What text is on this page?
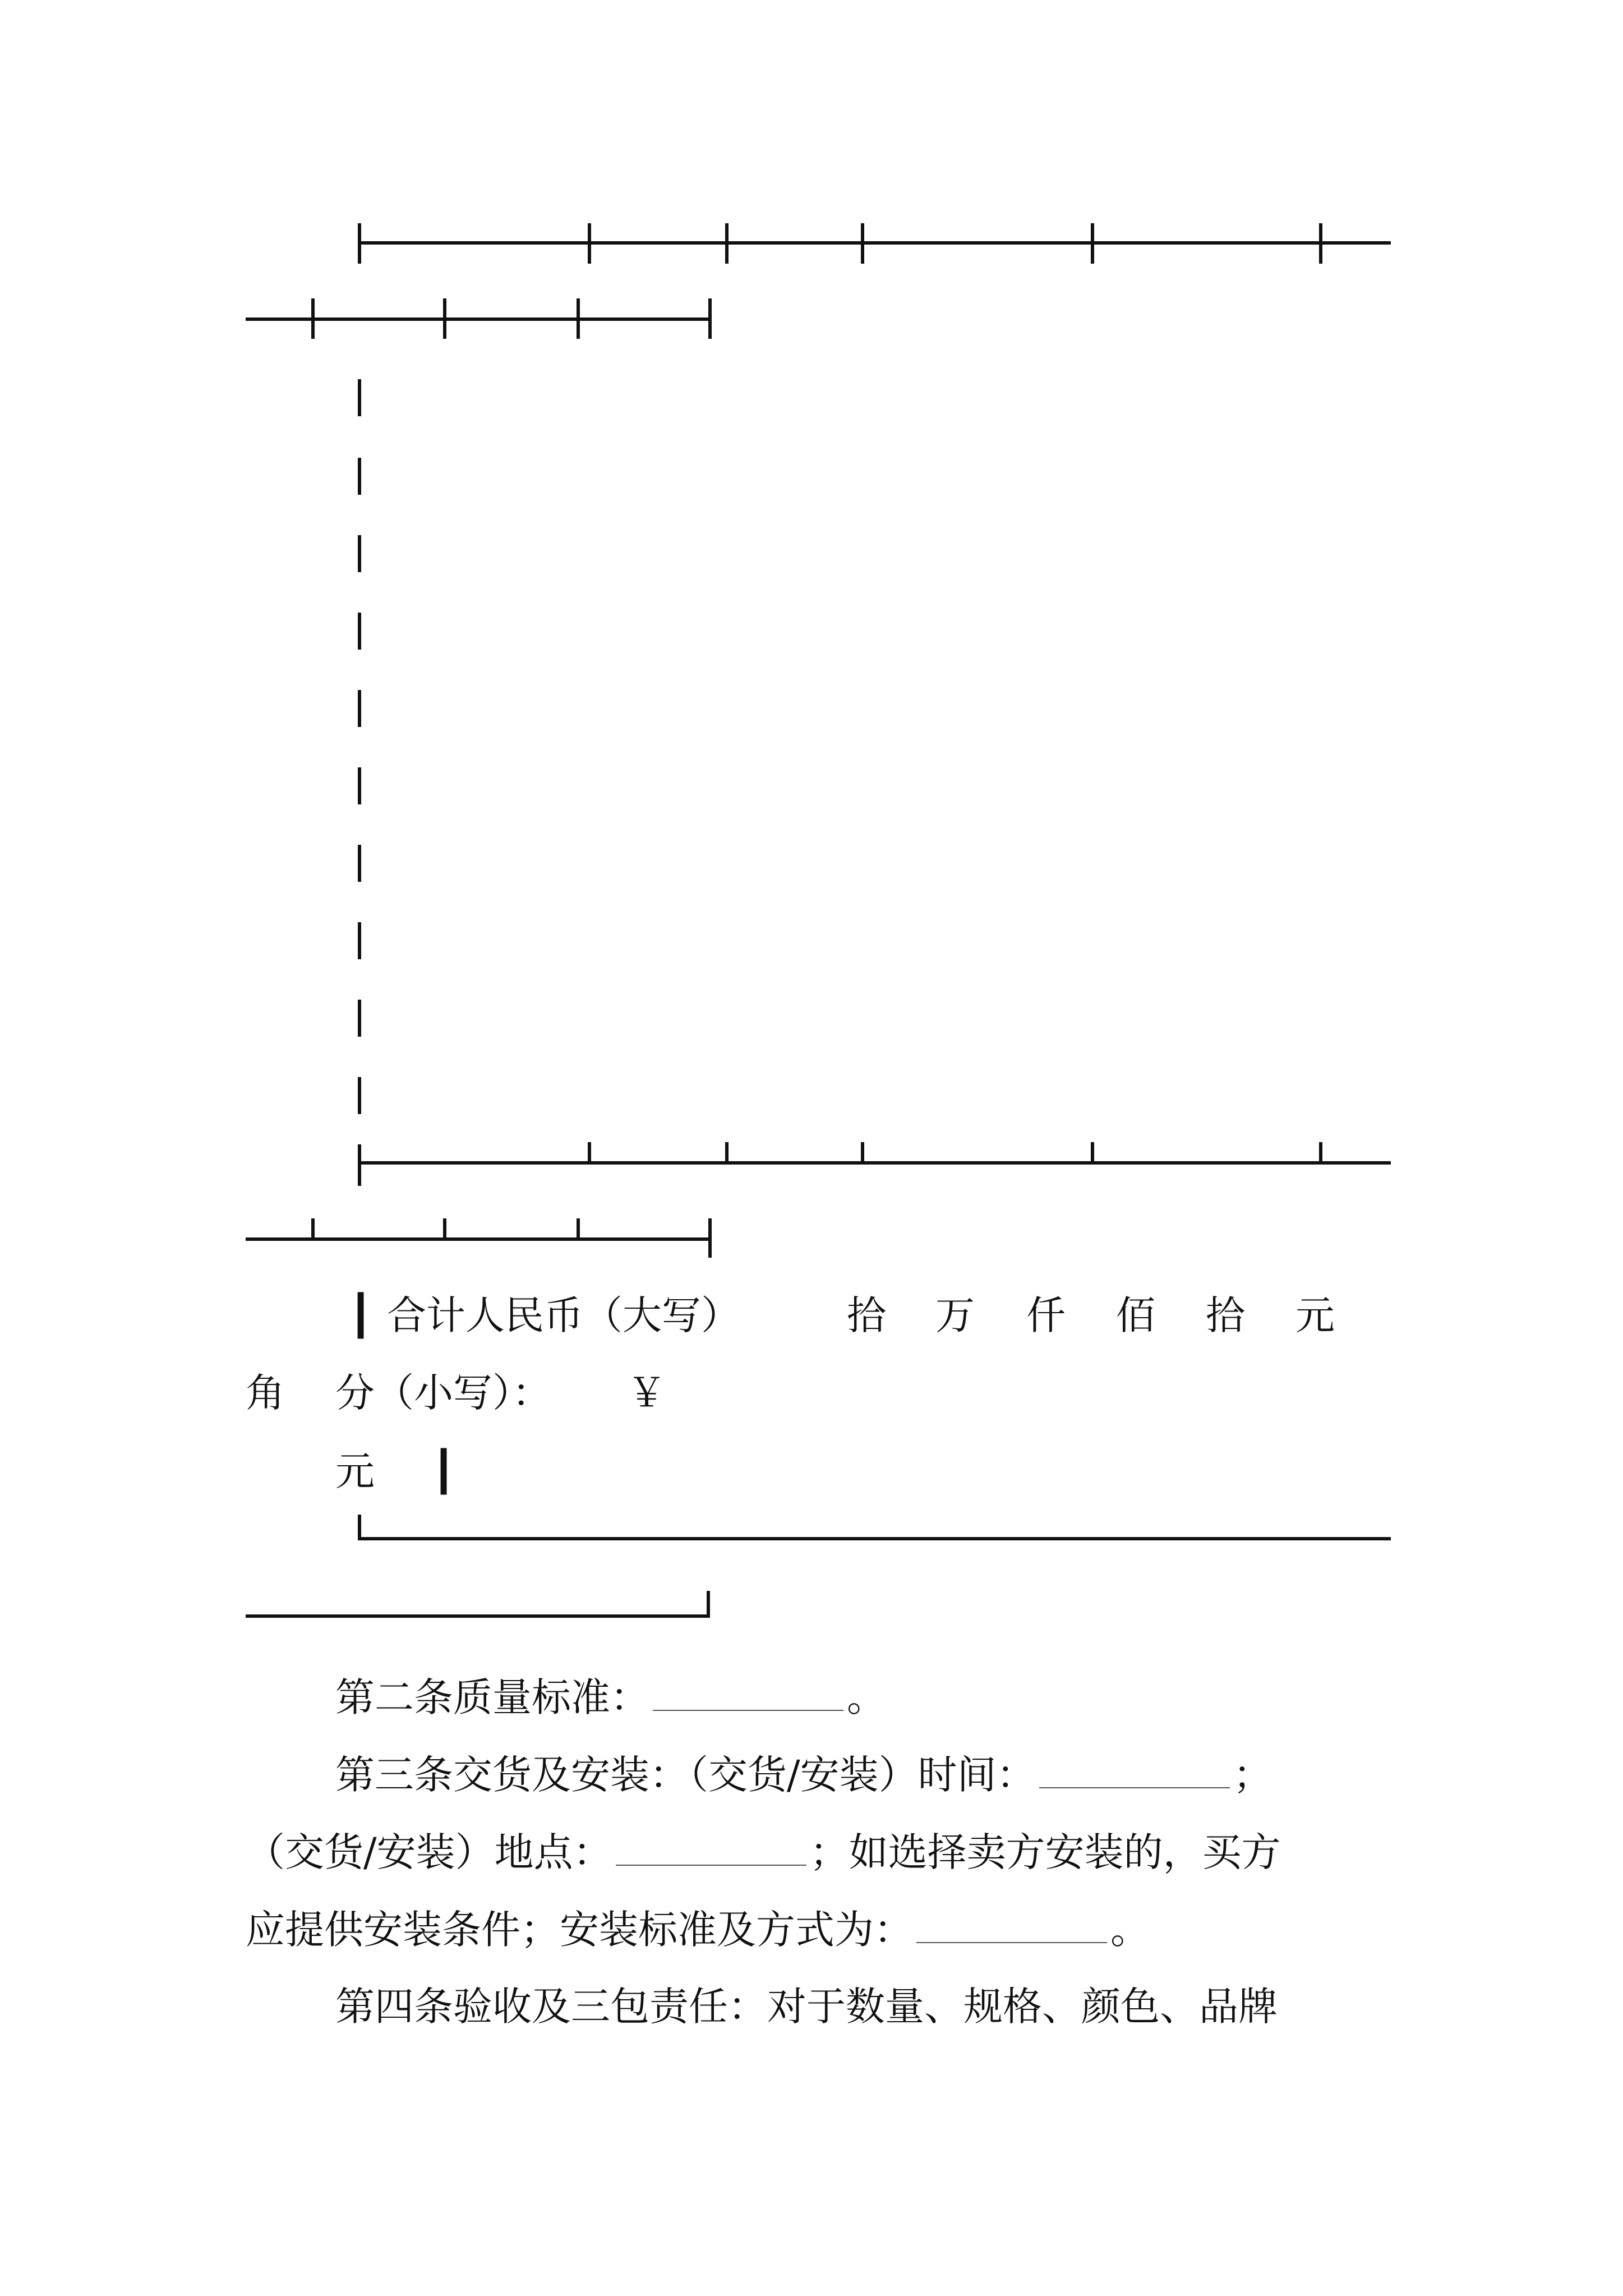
┃ 合计人民币（大写）	拾 万 仟 佰 拾 元
角 分（小写）： ￥
元 ┃
第二条质量标准：	。
第三条交货及安装：（交货/安装）时间：	；
（交货/安装）地点：	；如选择卖方安装的，买方
应提供安装条件；安装标准及方式为：	。
第四条验收及三包责任：对于数量、规格、颜色、品牌
